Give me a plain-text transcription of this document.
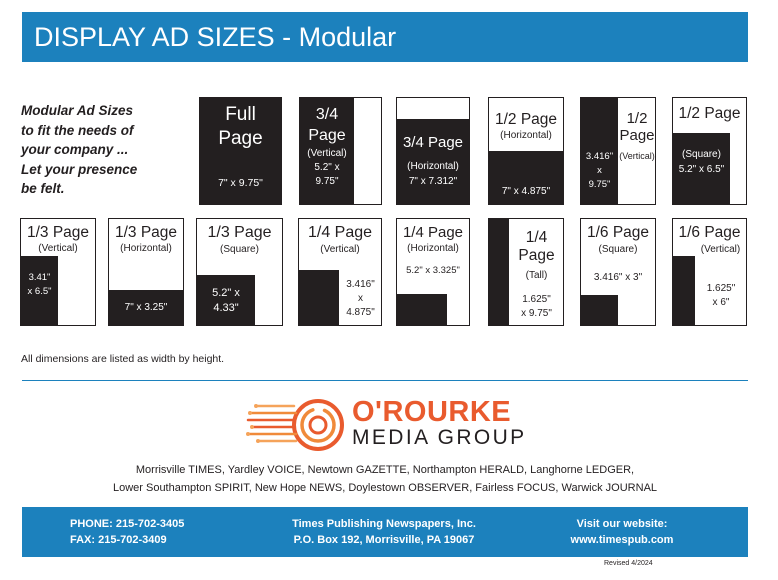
DISPLAY AD SIZES - Modular
Modular Ad Sizes
to fit the needs of
your company ...
Let your presence
be felt.
Full
Page
7" x 9.75"
3/4
Page
(Vertical)
5.2" x
9.75"
3/4 Page
(Horizontal)
7" x 7.312"
1/2 Page
(Horizontal)
7" x 4.875"
3.416"
x
9.75"
1/2
Page
(Vertical)
1/2 Page
(Square)
5.2" x 6.5"
1/3 Page
(Vertical)
3.41"
x 6.5"
1/3 Page
(Horizontal)
7" x 3.25"
1/3 Page
(Square)
5.2" x
4.33"
1/4 Page
(Vertical)
3.416"
x
4.875"
1/4 Page
(Horizontal)
5.2" x 3.325"
1/4
Page
(Tall)
1.625"
x 9.75"
1/6 Page
(Square)
3.416" x 3"
1/6 Page
(Vertical)
1.625"
x 6"
All dimensions are listed as width by height.
O'ROURKE
MEDIA GROUP
Morrisville TIMES, Yardley VOICE, Newtown GAZETTE, Northampton HERALD, Langhorne LEDGER,
Lower Southampton SPIRIT, New Hope NEWS, Doylestown OBSERVER, Fairless FOCUS, Warwick JOURNAL
PHONE: 215-702-3405
FAX: 215-702-3409
Times Publishing Newspapers, Inc.
P.O. Box 192, Morrisville, PA 19067
Visit our website:
www.timespub.com
Revised 4/2024
